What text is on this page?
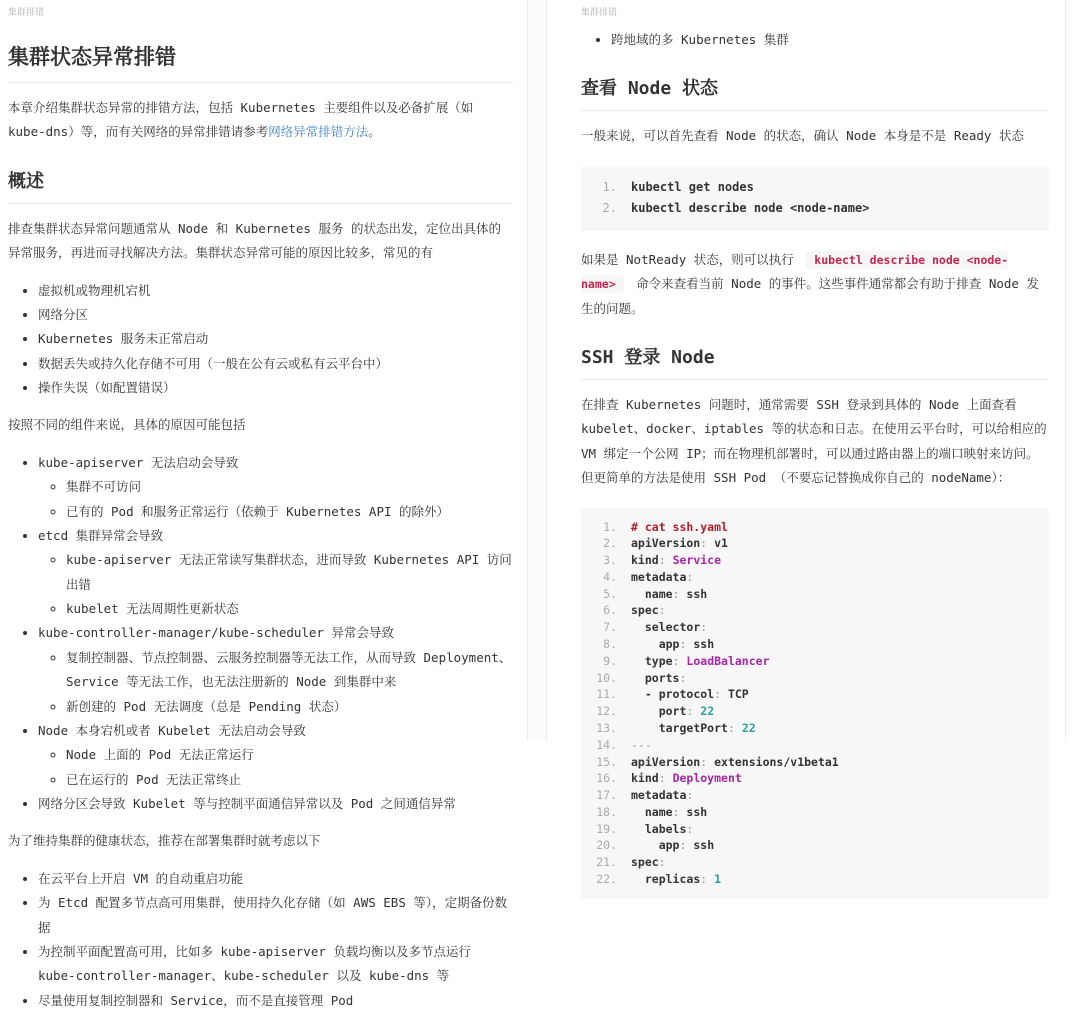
集群排错
集群状态异常排错

本章介绍集群状态异常的排错方法，包括 Kubernetes 主要组件以及必备扩展（如 kube-dns）等，而有关网络的异常排错请参考网络异常排错方法。

概述

排查集群状态异常问题通常从 Node 和 Kubernetes 服务 的状态出发，定位出具体的异常服务，再进而寻找解决方法。集群状态异常可能的原因比较多，常见的有

• 虚拟机或物理机宕机
• 网络分区
• Kubernetes 服务未正常启动
• 数据丢失或持久化存储不可用（一般在公有云或私有云平台中）
• 操作失误（如配置错误）

按照不同的组件来说，具体的原因可能包括

• kube-apiserver 无法启动会导致
◦ 集群不可访问
◦ 已有的 Pod 和服务正常运行（依赖于 Kubernetes API 的除外）
• etcd 集群异常会导致
◦ kube-apiserver 无法正常读写集群状态，进而导致 Kubernetes API 访问出错
◦ kubelet 无法周期性更新状态
• kube-controller-manager/kube-scheduler 异常会导致
◦ 复制控制器、节点控制器、云服务控制器等无法工作，从而导致 Deployment、Service 等无法工作，也无法注册新的 Node 到集群中来
◦ 新创建的 Pod 无法调度（总是 Pending 状态）
• Node 本身宕机或者 Kubelet 无法启动会导致
◦ Node 上面的 Pod 无法正常运行
◦ 已在运行的 Pod 无法正常终止
• 网络分区会导致 Kubelet 等与控制平面通信异常以及 Pod 之间通信异常

为了维持集群的健康状态，推荐在部署集群时就考虑以下

• 在云平台上开启 VM 的自动重启功能
• 为 Etcd 配置多节点高可用集群，使用持久化存储（如 AWS EBS 等），定期备份数据
• 为控制平面配置高可用，比如多 kube-apiserver 负载均衡以及多节点运行 kube-controller-manager、kube-scheduler 以及 kube-dns 等
• 尽量使用复制控制器和 Service，而不是直接管理 Pod
集群排错
• 跨地域的多 Kubernetes 集群
查看 Node 状态

一般来说，可以首先查看 Node 的状态，确认 Node 本身是不是 Ready 状态

1. kubectl get nodes
2. kubectl describe node <node-name>

如果是 NotReady 状态，则可以执行 kubectl describe node <node-name> 命令来查看当前 Node 的事件。这些事件通常都会有助于排查 Node 发生的问题。

SSH 登录 Node

在排查 Kubernetes 问题时，通常需要 SSH 登录到具体的 Node 上面查看 kubelet、docker、iptables 等的状态和日志。在使用云平台时，可以给相应的 VM 绑定一个公网 IP；而在物理机部署时，可以通过路由器上的端口映射来访问。但更简单的方法是使用 SSH Pod （不要忘记替换成你自己的 nodeName）：

1. # cat ssh.yaml
2. apiVersion: v1
3. kind: Service
4. metadata:
5.	name: ssh
6. spec:
7.	selector:
8.	app: ssh
9.	type: LoadBalancer
10.	ports:
11. - protocol: TCP
12.	port: 22
13.	targetPort: 22
14. ---
15. apiVersion: extensions/v1beta1
16. kind: Deployment
17. metadata:
18.	name: ssh
19.	labels:
20.	app: ssh
21. spec:
22.	replicas: 1
